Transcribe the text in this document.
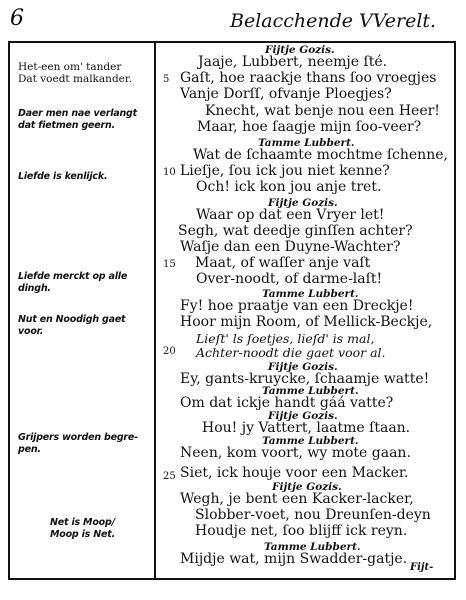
6	Belacchende VVerelt.
Het-een om' tander
Dat voedt malkander.
Daer men nae verlangt
dat fietmen geern.
Liefde is kenlijck.
Liefde merckt op alle
dingh.
Nut en Noodigh gaet
voor.
Grijpers worden begre-
pen.
Net is Moop/
Moop is Net.
5
10
15
20
25
Fijtje Gozis.
Jaaje, Lubbert, neemje ſté.
Gaſt, hoe raackje thans ſoo vroegjes
Vanje Dorſſ, ofvanje Ploegjes?
Knecht, wat benje nou een Heer!
Maar, hoe ſaagje mijn ſoo-veer?
Tamme Lubbert.
Wat de ſchaamte mochtme ſchenne,
Lieſje, ſou ick jou niet kenne?
Och! ick kon jou anje tret.
Fijtje Gozis.
Waar op dat een Vryer let!
Segh, wat deedje ginſſen achter?
Waſje dan een Duyne-Wachter?
Maat, of waſſer anje vaſt
Over-noodt, of darme-laſt!
Tamme Lubbert.
Fy! hoe praatje van een Dreckje!
Hoor mijn Room, of Mellick-Beckje,
Lieſt' ls ſoetjes, lieſd' is mal,
Achter-noodt die gaet voor al.
Fijtje Gozis.
Ey, gants-kruycke, ſchaamje watte!
Tamme Lubbert.
Om dat ickje handt gáá vatte?
Fijtje Gozis.
Hou! jy Vattert, laatme ſtaan.
Tamme Lubbert.
Neen, kom voort, wy mote gaan.
Siet, ick houje voor een Macker.
Fijtje Gozis.
Wegh, je bent een Kacker-lacker,
Slobber-voet, nou Dreunſen-deyn
Houdje net, ſoo blijff ick reyn.
Tamme Lubbert.
Mijdje wat, mijn Swadder-gatje.
Fijt-
